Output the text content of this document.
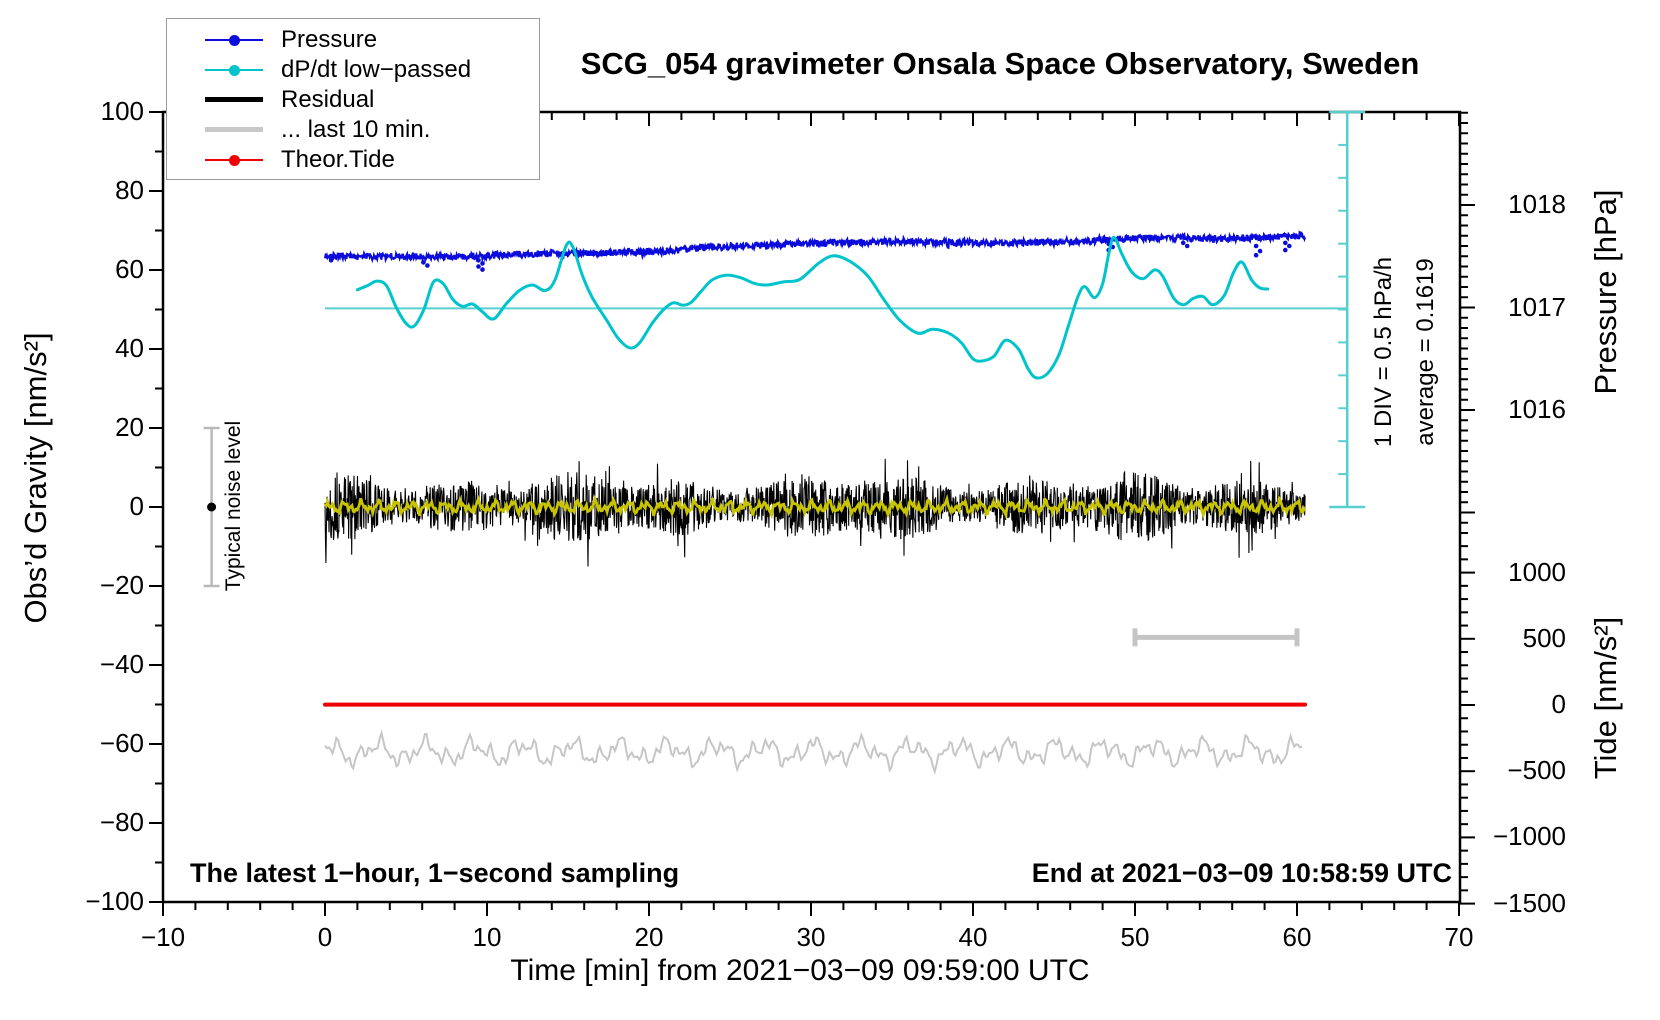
−10	0	10	20	30	40	50	60	70
−100
−80
−60
−40
−20
0
20
40
60
80
100
1018
1017
1016
1000
500
0
−500
−1000
−1500
SCG_054 gravimeter Onsala Space Observatory, Sweden
Obs’d Gravity [nm/s²]
Pressure [hPa]
Tide [nm/s²]
Time [min] from 2021−03−09 09:59:00 UTC
Typical noise level
1 DIV = 0.5 hPa/h average = 0.1619
The latest 1−hour, 1−second sampling	End at 2021−03−09 10:58:59 UTC
Pressure
dP/dt low−passed
Residual
... last 10 min.
Theor.Tide
